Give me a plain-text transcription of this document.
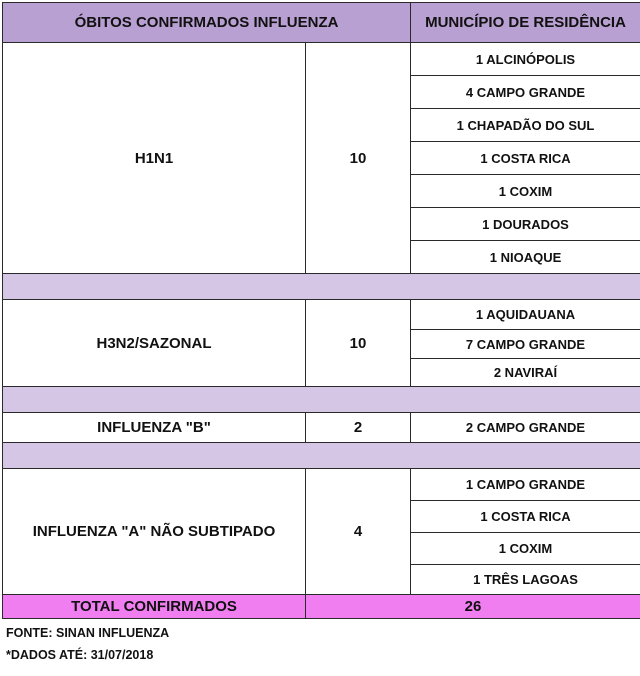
ÓBITOS CONFIRMADOS INFLUENZA		MUNICÍPIO DE RESIDÊNCIA
H1N1	10	1 ALCINÓPOLIS
		4 CAMPO GRANDE
		1 CHAPADÃO DO SUL
		1 COSTA RICA
		1 COXIM
		1 DOURADOS
		1 NIOAQUE

H3N2/SAZONAL	10	1 AQUIDAUANA
		7 CAMPO GRANDE
		2 NAVIRAÍ

INFLUENZA "B"	2	2 CAMPO GRANDE

INFLUENZA "A" NÃO SUBTIPADO	4	1 CAMPO GRANDE
		1 COSTA RICA
		1 COXIM
		1 TRÊS LAGOAS
TOTAL CONFIRMADOS	26	
FONTE: SINAN INFLUENZA
*DADOS ATÉ: 31/07/2018
